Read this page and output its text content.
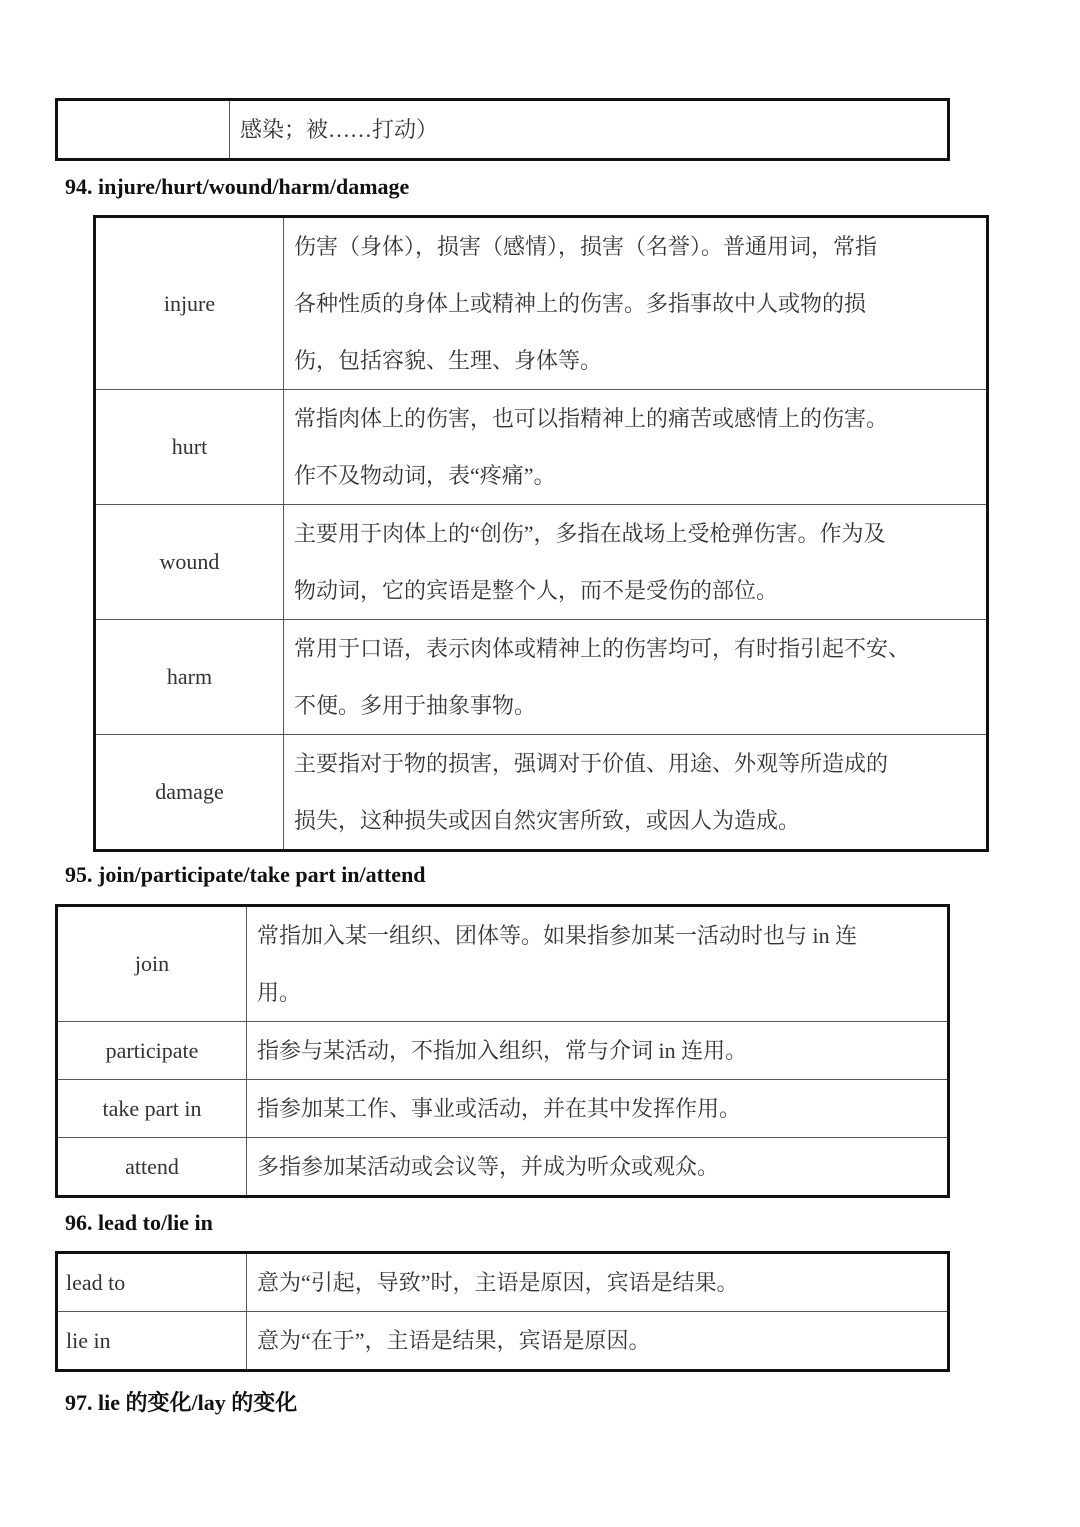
感染；被……打动）
94. injure/hurt/wound/harm/damage
injure	伤害（身体），损害（感情），损害（名誉）。普通用词，常指
各种性质的身体上或精神上的伤害。多指事故中人或物的损
伤，包括容貌、生理、身体等。

hurt	常指肉体上的伤害，也可以指精神上的痛苦或感情上的伤害。
作不及物动词，表“疼痛”。

wound	主要用于肉体上的“创伤”，多指在战场上受枪弹伤害。作为及
物动词，它的宾语是整个人，而不是受伤的部位。

harm	常用于口语，表示肉体或精神上的伤害均可，有时指引起不安、
不便。多用于抽象事物。

damage	主要指对于物的损害，强调对于价值、用途、外观等所造成的
损失，这种损失或因自然灾害所致，或因人为造成。
95. join/participate/take part in/attend
join	常指加入某一组织、团体等。如果指参加某一活动时也与 in 连
用。

participate	指参与某活动，不指加入组织，常与介词 in 连用。

take part in	指参加某工作、事业或活动，并在其中发挥作用。

attend	多指参加某活动或会议等，并成为听众或观众。
96. lead to/lie in
lead to	意为“引起，导致”时，主语是原因，宾语是结果。

lie in	意为“在于”，主语是结果，宾语是原因。
97. lie 的变化/lay 的变化
